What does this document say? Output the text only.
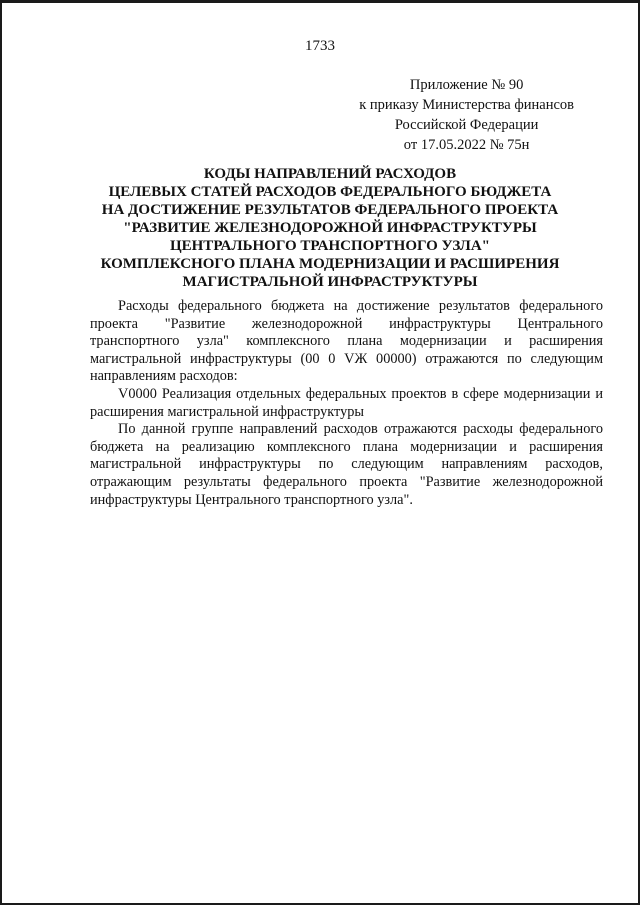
1733
Приложение № 90
к приказу Министерства финансов
Российской Федерации
от 17.05.2022 № 75н
КОДЫ НАПРАВЛЕНИЙ РАСХОДОВ
ЦЕЛЕВЫХ СТАТЕЙ РАСХОДОВ ФЕДЕРАЛЬНОГО БЮДЖЕТА
НА ДОСТИЖЕНИЕ РЕЗУЛЬТАТОВ ФЕДЕРАЛЬНОГО ПРОЕКТА
"РАЗВИТИЕ ЖЕЛЕЗНОДОРОЖНОЙ ИНФРАСТРУКТУРЫ
ЦЕНТРАЛЬНОГО ТРАНСПОРТНОГО УЗЛА"
КОМПЛЕКСНОГО ПЛАНА МОДЕРНИЗАЦИИ И РАСШИРЕНИЯ
МАГИСТРАЛЬНОЙ ИНФРАСТРУКТУРЫ

Расходы федерального бюджета на достижение результатов федерального проекта "Развитие железнодорожной инфраструктуры Центрального транспортного узла" комплексного плана модернизации и расширения магистральной инфраструктуры (00 0 VЖ 00000) отражаются по следующим направлениям расходов:

V0000 Реализация отдельных федеральных проектов в сфере модернизации и расширения магистральной инфраструктуры

По данной группе направлений расходов отражаются расходы федерального бюджета на реализацию комплексного плана модернизации и расширения магистральной инфраструктуры по следующим направлениям расходов, отражающим результаты федерального проекта "Развитие железнодорожной инфраструктуры Центрального транспортного узла".
